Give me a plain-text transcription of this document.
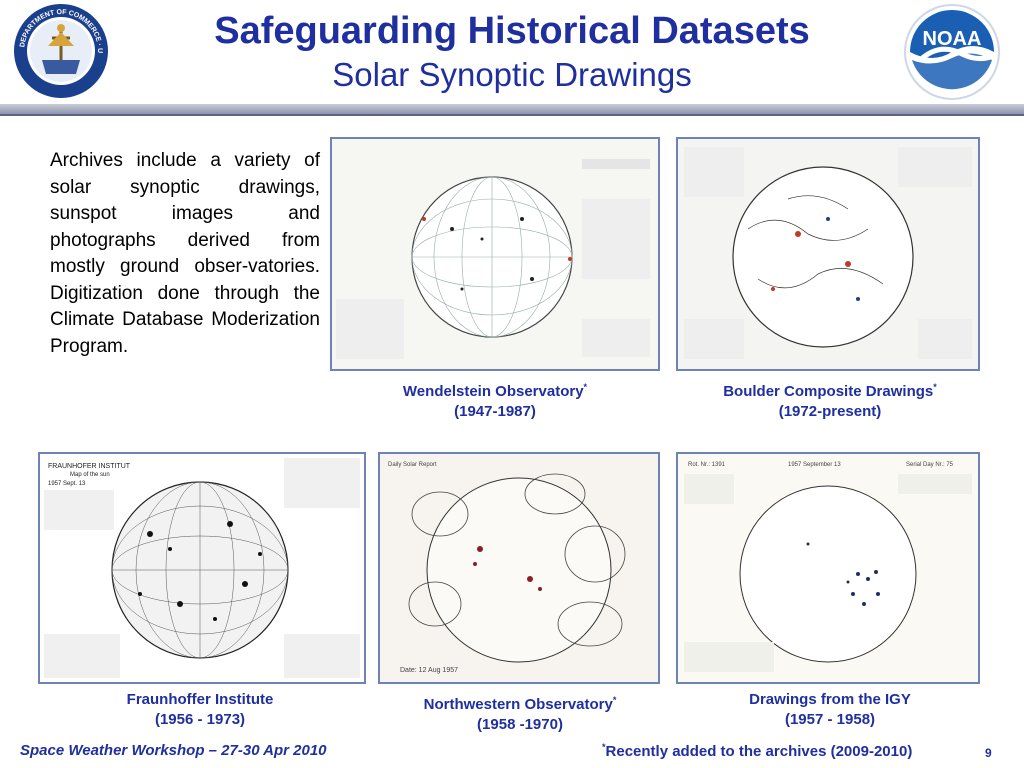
DEPARTMENT OF COMMERCE · U	Safeguarding Historical Datasets
Solar Synoptic Drawings
NOAA
Archives include a variety of solar synoptic drawings, sunspot images and photographs derived from mostly ground obser-vatories. Digitization done through the Climate Database Moderization Program.
Wendelstein Observatory*
(1947-1987)
Boulder Composite Drawings*
(1972-present)
FRAUNHOFER INSTITUT
Map of the sun
1957 Sept. 13
Daily Solar Report
Date: 12 Aug 1957
Rot. Nr.: 1391	1957 September 13	Serial Day Nr.: 75
Fraunhoffer Institute
(1956 - 1973)
Northwestern Observatory*
(1958 -1970)
Drawings from the IGY
(1957 - 1958)
Space Weather Workshop – 27-30 Apr 2010	*Recently added to the archives (2009-2010)	9
